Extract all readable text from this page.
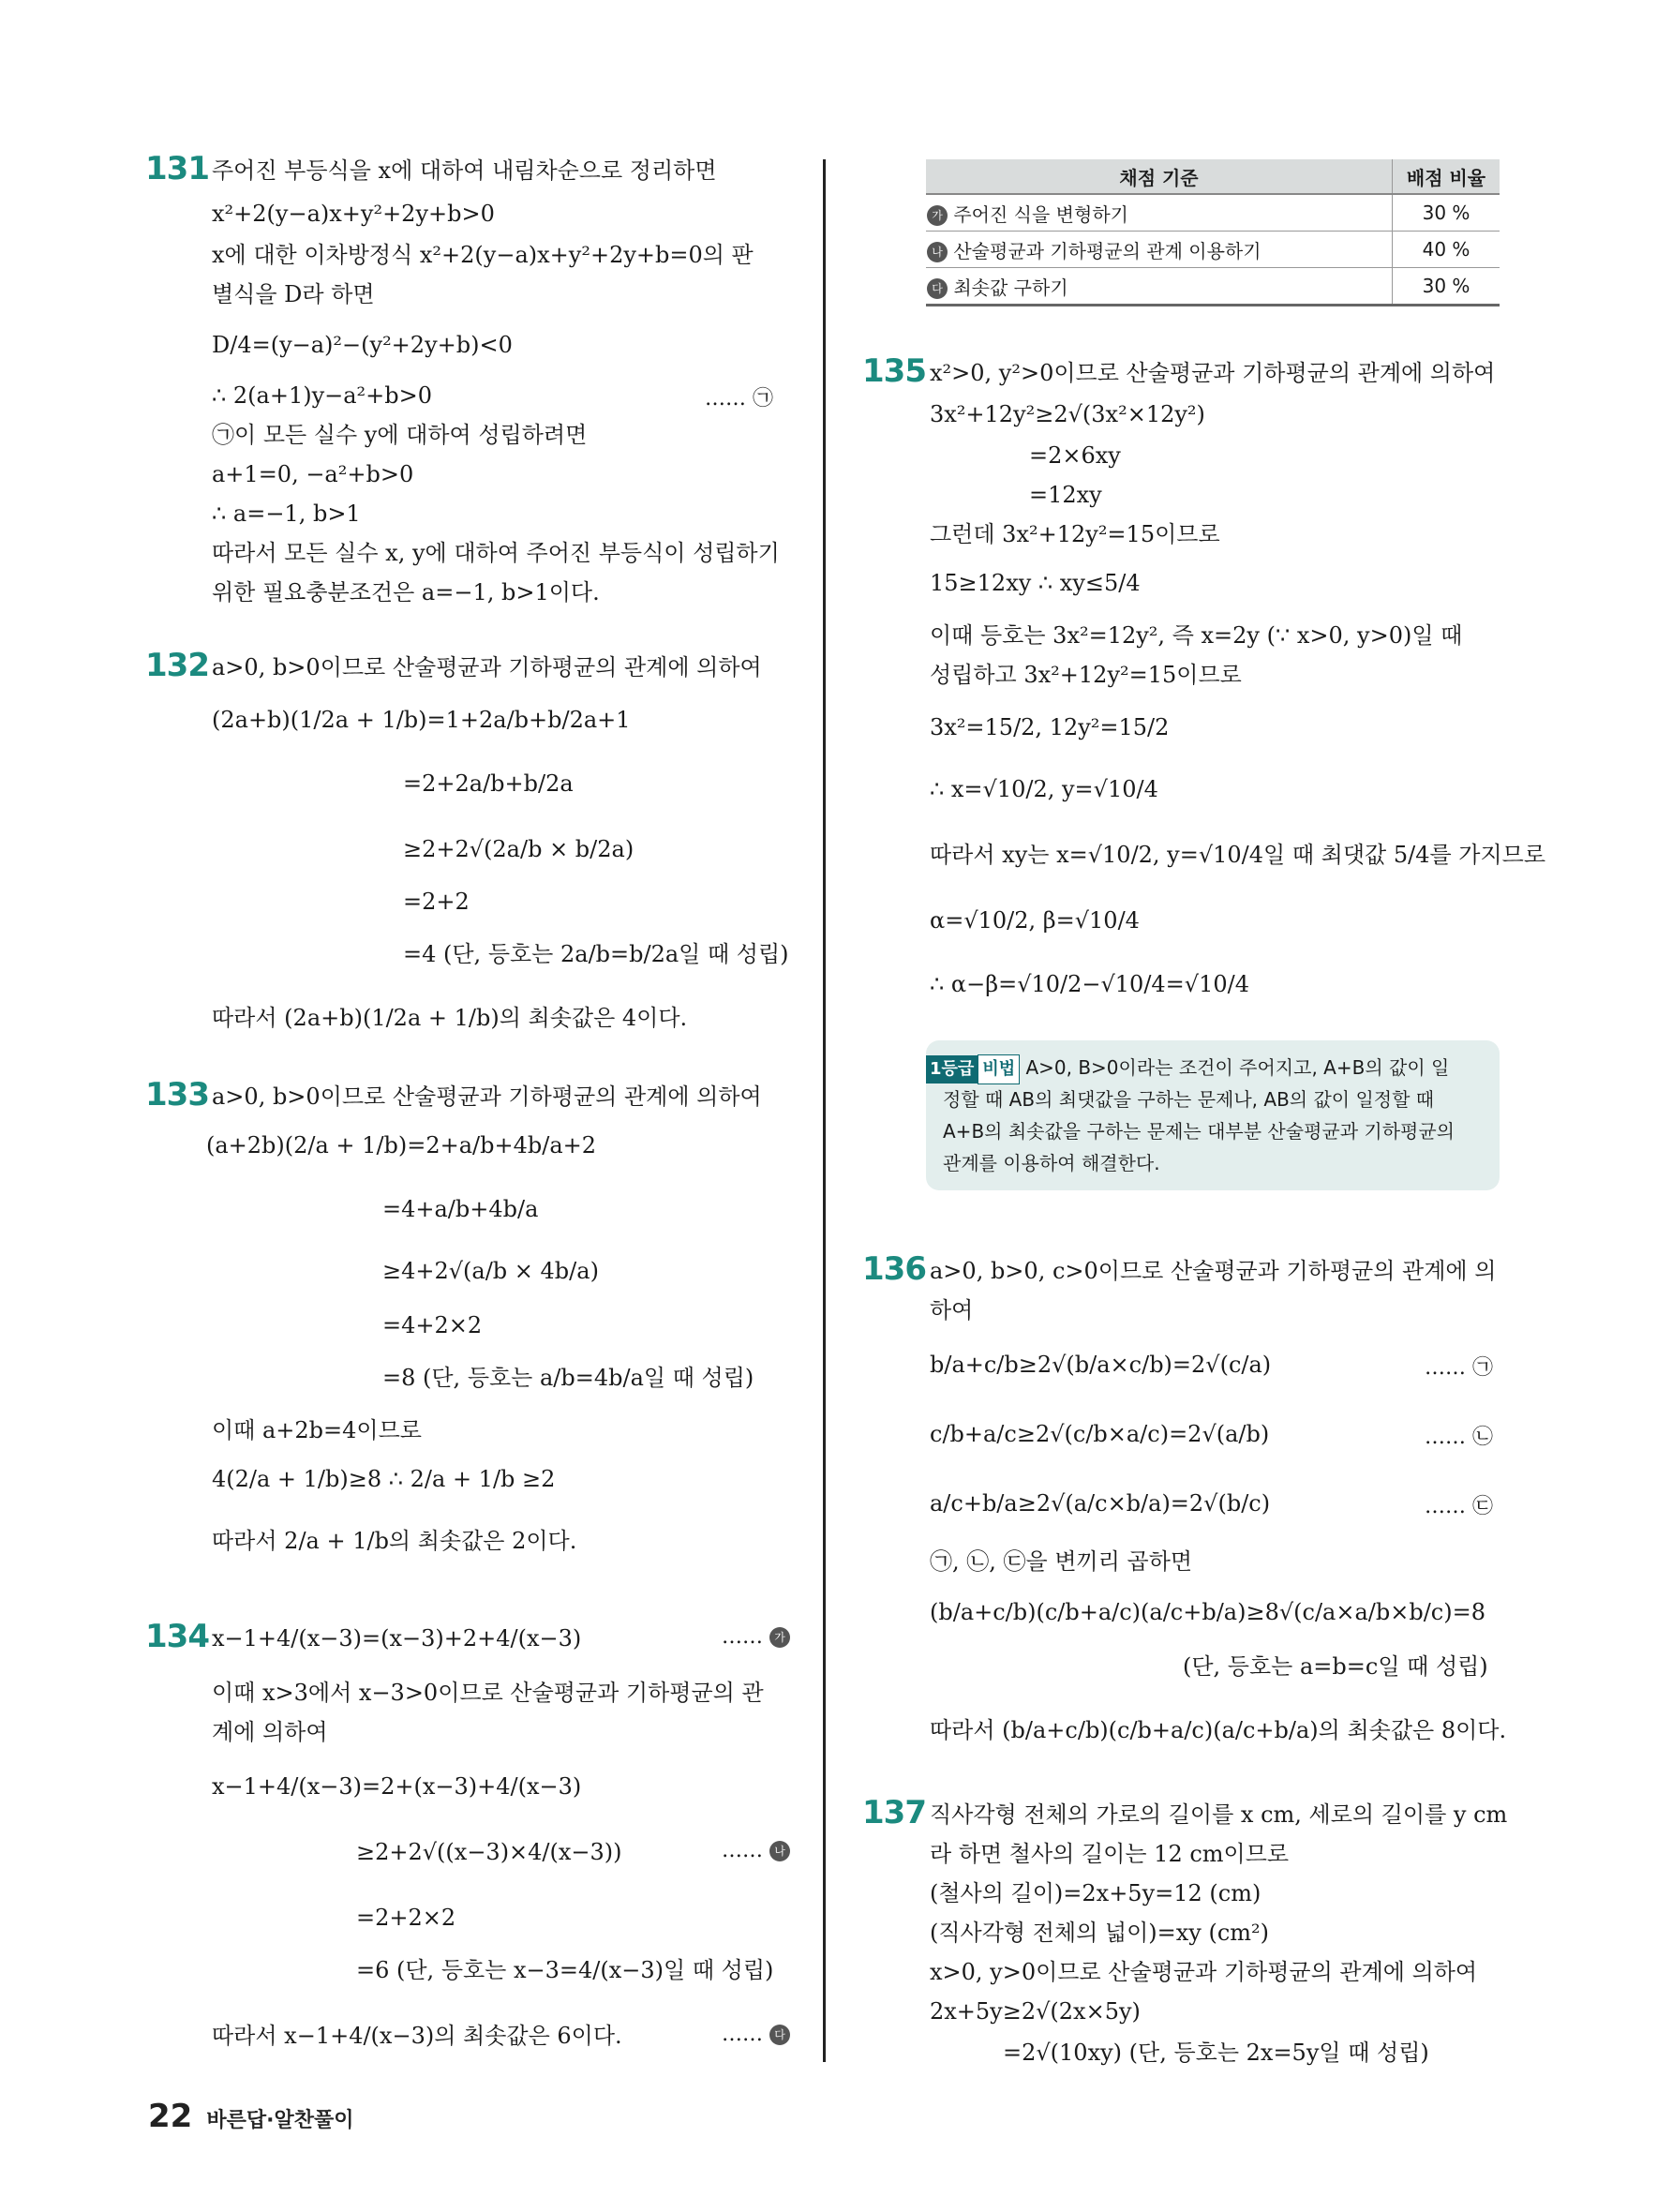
131 주어진 부등식을 x에 대하여 내림차순으로 정리하면
x²+2(y−a)x+y²+2y+b>0
x에 대한 이차방정식 x²+2(y−a)x+y²+2y+b=0의 판
별식을 D라 하면
D/4=(y−a)²−(y²+2y+b)<0
∴ 2(a+1)y−a²+b>0	…… ㉠
㉠이 모든 실수 y에 대하여 성립하려면
a+1=0, −a²+b>0
∴ a=−1, b>1
따라서 모든 실수 x, y에 대하여 주어진 부등식이 성립하기
위한 필요충분조건은 a=−1, b>1이다.
132 a>0, b>0이므로 산술평균과 기하평균의 관계에 의하여
(2a+b)(1/2a + 1/b)=1+2a/b+b/2a+1
=2+2a/b+b/2a
≥2+2√(2a/b × b/2a)
=2+2
=4 (단, 등호는 2a/b=b/2a일 때 성립)
따라서 (2a+b)(1/2a + 1/b)의 최솟값은 4이다.
133 a>0, b>0이므로 산술평균과 기하평균의 관계에 의하여
(a+2b)(2/a + 1/b)=2+a/b+4b/a+2
=4+a/b+4b/a
≥4+2√(a/b × 4b/a)
=4+2×2
=8 (단, 등호는 a/b=4b/a일 때 성립)
이때 a+2b=4이므로
4(2/a + 1/b)≥8 ∴ 2/a + 1/b ≥2
따라서 2/a + 1/b의 최솟값은 2이다.
134 x−1+4/(x−3)=(x−3)+2+4/(x−3)	…… 가
이때 x>3에서 x−3>0이므로 산술평균과 기하평균의 관
계에 의하여
x−1+4/(x−3)=2+(x−3)+4/(x−3)
≥2+2√((x−3)×4/(x−3))	…… 나
=2+2×2
=6 (단, 등호는 x−3=4/(x−3)일 때 성립)
따라서 x−1+4/(x−3)의 최솟값은 6이다.	…… 다
채점 기준	배점 비율
가 주어진 식을 변형하기	30 %
나 산술평균과 기하평균의 관계 이용하기	40 %
다 최솟값 구하기	30 %
135 x²>0, y²>0이므로 산술평균과 기하평균의 관계에 의하여
3x²+12y²≥2√(3x²×12y²)
=2×6xy
=12xy
그런데 3x²+12y²=15이므로
15≥12xy ∴ xy≤5/4
이때 등호는 3x²=12y², 즉 x=2y (∵ x>0, y>0)일 때
성립하고 3x²+12y²=15이므로
3x²=15/2, 12y²=15/2
∴ x=√10/2, y=√10/4
따라서 xy는 x=√10/2, y=√10/4일 때 최댓값 5/4를 가지므로
α=√10/2, β=√10/4
∴ α−β=√10/2−√10/4=√10/4
1등급 비법 A>0, B>0이라는 조건이 주어지고, A+B의 값이 일
정할 때 AB의 최댓값을 구하는 문제나, AB의 값이 일정할 때
A+B의 최솟값을 구하는 문제는 대부분 산술평균과 기하평균의
관계를 이용하여 해결한다.
136 a>0, b>0, c>0이므로 산술평균과 기하평균의 관계에 의
하여
b/a+c/b≥2√(b/a×c/b)=2√(c/a)	…… ㉠
c/b+a/c≥2√(c/b×a/c)=2√(a/b)	…… ㉡
a/c+b/a≥2√(a/c×b/a)=2√(b/c)	…… ㉢
㉠, ㉡, ㉢을 변끼리 곱하면
(b/a+c/b)(c/b+a/c)(a/c+b/a)≥8√(c/a×a/b×b/c)=8
(단, 등호는 a=b=c일 때 성립)
따라서 (b/a+c/b)(c/b+a/c)(a/c+b/a)의 최솟값은 8이다.
137 직사각형 전체의 가로의 길이를 x cm, 세로의 길이를 y cm
라 하면 철사의 길이는 12 cm이므로
(철사의 길이)=2x+5y=12 (cm)
(직사각형 전체의 넓이)=xy (cm²)
x>0, y>0이므로 산술평균과 기하평균의 관계에 의하여
2x+5y≥2√(2x×5y)
=2√(10xy) (단, 등호는 2x=5y일 때 성립)
22 바른답·알찬풀이
